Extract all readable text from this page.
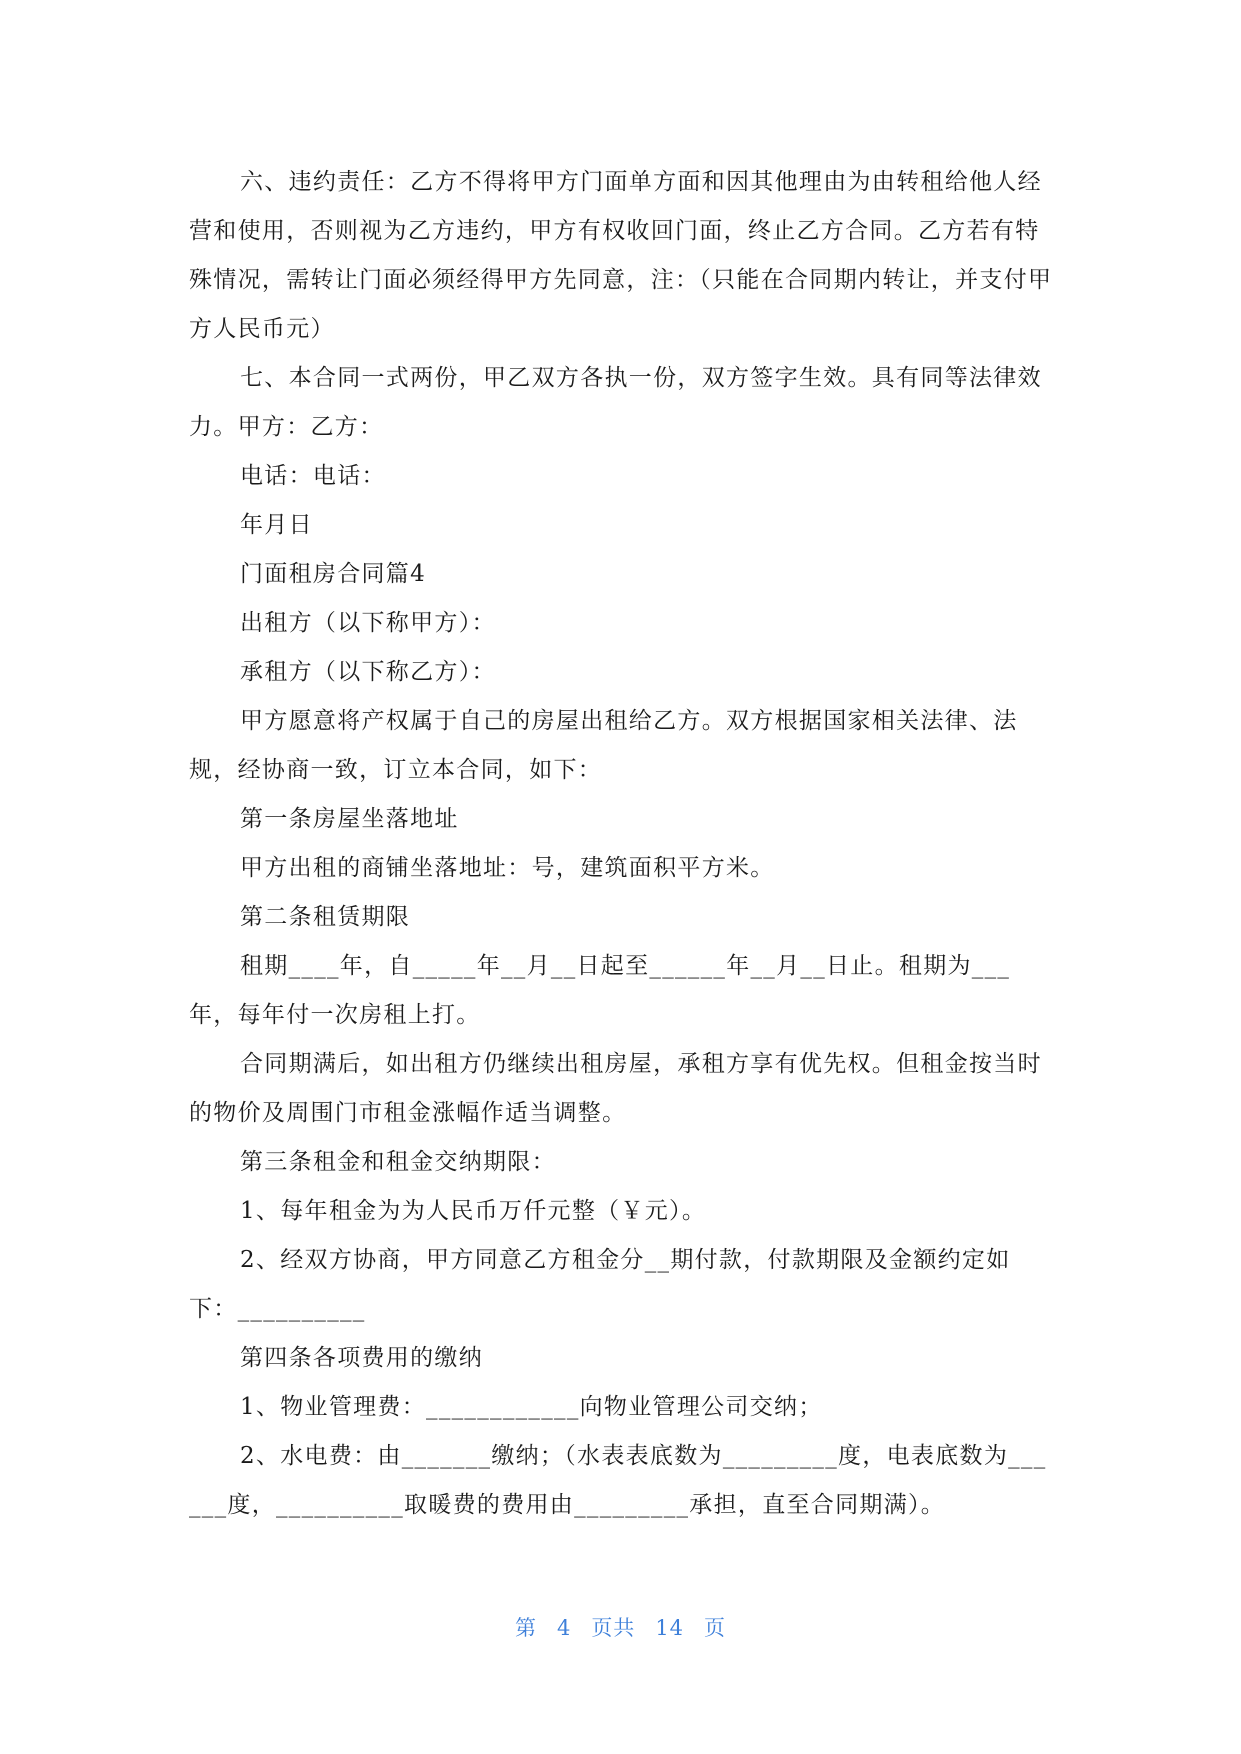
六、违约责任：乙方不得将甲方门面单方面和因其他理由为由转租给他人经营和使用，否则视为乙方违约，甲方有权收回门面，终止乙方合同。乙方若有特殊情况，需转让门面必须经得甲方先同意，注：（只能在合同期内转让，并支付甲方人民币元）

七、本合同一式两份，甲乙双方各执一份，双方签字生效。具有同等法律效力。甲方：乙方：

电话：电话：

年月日

门面租房合同篇4

出租方（以下称甲方）：

承租方（以下称乙方）：

甲方愿意将产权属于自己的房屋出租给乙方。双方根据国家相关法律、法规，经协商一致，订立本合同，如下：

第一条房屋坐落地址

甲方出租的商铺坐落地址：号，建筑面积平方米。

第二条租赁期限

租期____年，自_____年__月__日起至______年__月__日止。租期为___年，每年付一次房租上打。

合同期满后，如出租方仍继续出租房屋，承租方享有优先权。但租金按当时的物价及周围门市租金涨幅作适当调整。

第三条租金和租金交纳期限：

1、每年租金为为人民币万仟元整（￥元）。

2、经双方协商，甲方同意乙方租金分__期付款，付款期限及金额约定如下：__________

第四条各项费用的缴纳

1、物业管理费：____________向物业管理公司交纳；

2、水电费：由_______缴纳；（水表表底数为_________度，电表底数为______度，__________取暖费的费用由_________承担，直至合同期满）。

第 4 页共 14 页
